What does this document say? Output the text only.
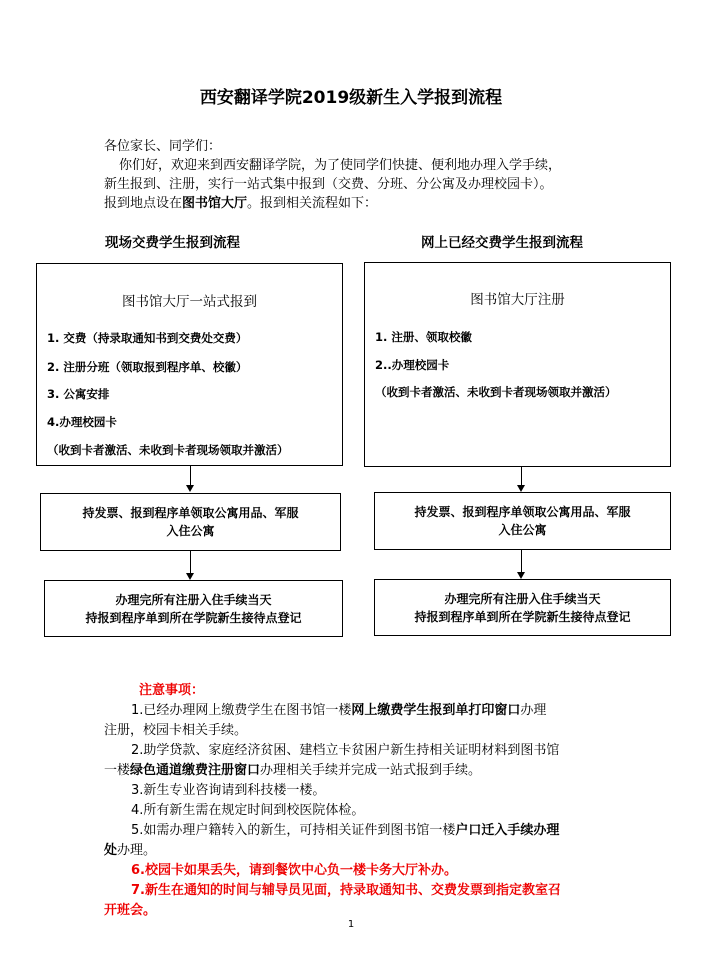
西安翻译学院2019级新生入学报到流程

各位家长、同学们：

你们好，欢迎来到西安翻译学院，为了使同学们快捷、便利地办理入学手续，

新生报到、注册，实行一站式集中报到（交费、分班、分公寓及办理校园卡）。

报到地点设在图书馆大厅。报到相关流程如下：

现场交费学生报到流程
图书馆大厅一站式报到
1. 交费（持录取通知书到交费处交费）
2. 注册分班（领取报到程序单、校徽）
3. 公寓安排
4.办理校园卡
（收到卡者激活、未收到卡者现场领取并激活）
持发票、报到程序单领取公寓用品、军服
入住公寓
办理完所有注册入住手续当天
持报到程序单到所在学院新生接待点登记
网上已经交费学生报到流程
图书馆大厅注册
1. 注册、领取校徽
2..办理校园卡
（收到卡者激活、未收到卡者现场领取并激活）
持发票、报到程序单领取公寓用品、军服
入住公寓
办理完所有注册入住手续当天
持报到程序单到所在学院新生接待点登记

注意事项：

1.已经办理网上缴费学生在图书馆一楼网上缴费学生报到单打印窗口办理

注册，校园卡相关手续。

2.助学贷款、家庭经济贫困、建档立卡贫困户新生持相关证明材料到图书馆

一楼绿色通道缴费注册窗口办理相关手续并完成一站式报到手续。

3.新生专业咨询请到科技楼一楼。

4.所有新生需在规定时间到校医院体检。

5.如需办理户籍转入的新生，可持相关证件到图书馆一楼户口迁入手续办理

处办理。

6.校园卡如果丢失，请到餐饮中心负一楼卡务大厅补办。

7.新生在通知的时间与辅导员见面，持录取通知书、交费发票到指定教室召

开班会。

1
